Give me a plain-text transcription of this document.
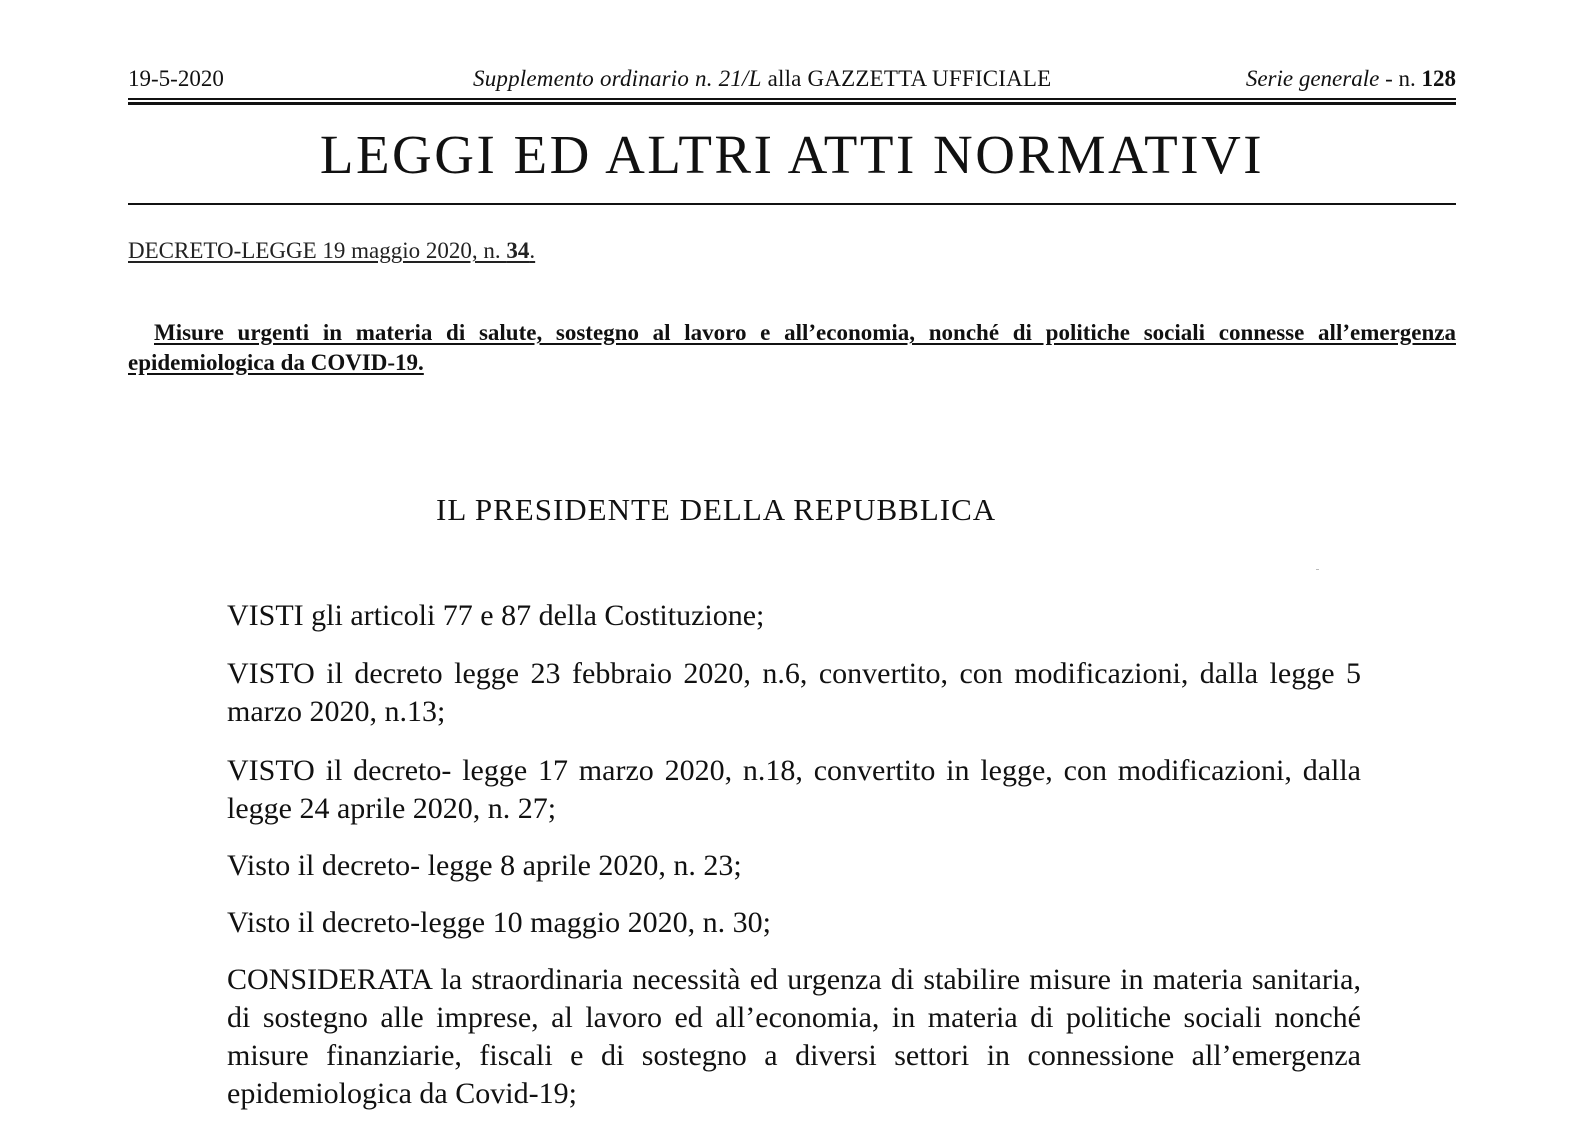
19-5-2020	Supplemento ordinario n. 21/L alla GAZZETTA UFFICIALE	Serie generale - n. 128
LEGGI ED ALTRI ATTI NORMATIVI
DECRETO-LEGGE 19 maggio 2020, n. 34.
Misure urgenti in materia di salute, sostegno al lavoro e all’economia, nonché di politiche sociali connesse all’emergenza epidemiologica da COVID-19.
IL PRESIDENTE DELLA REPUBBLICA
VISTI gli articoli 77 e 87 della Costituzione;
VISTO il decreto legge 23 febbraio 2020, n.6, convertito, con modificazioni, dalla legge 5 marzo 2020, n.13;
VISTO il decreto- legge 17 marzo 2020, n.18, convertito in legge, con modificazioni, dalla legge 24 aprile 2020, n. 27;
Visto il decreto- legge 8 aprile 2020, n. 23;
Visto il decreto-legge 10 maggio 2020, n. 30;
CONSIDERATA la straordinaria necessità ed urgenza di stabilire misure in materia sanitaria, di sostegno alle imprese, al lavoro ed all’economia, in materia di politiche sociali nonché misure finanziarie, fiscali e di sostegno a diversi settori in connessione all’emergenza epidemiologica da Covid-19;
